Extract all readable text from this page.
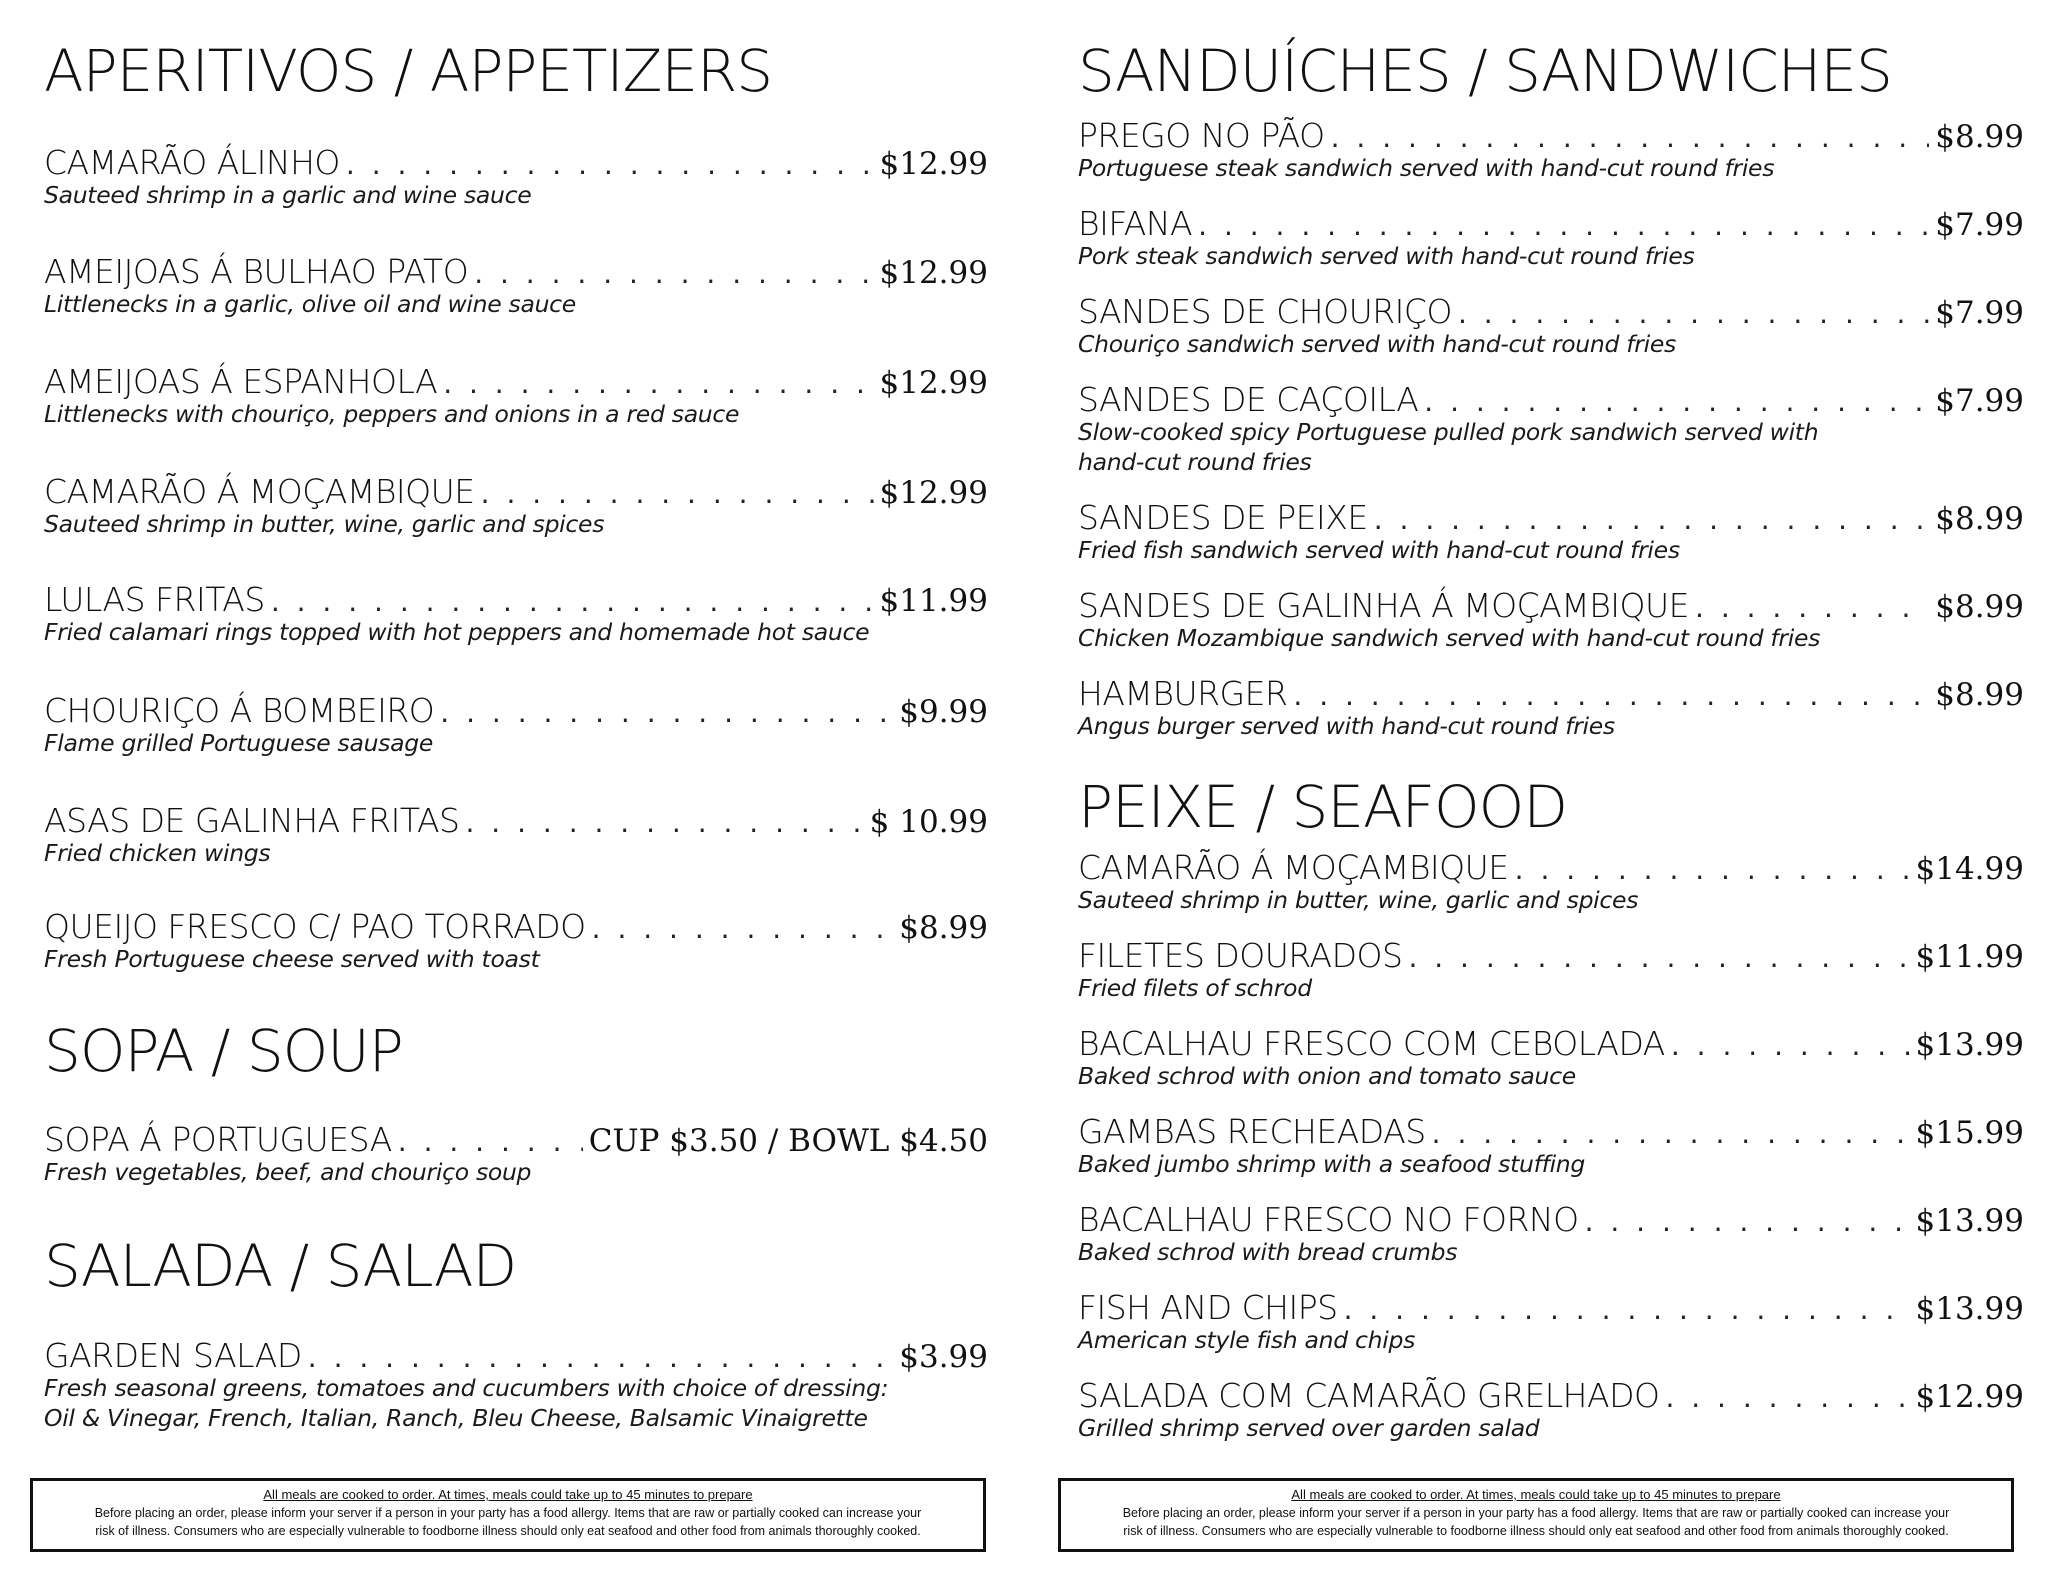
APERITIVOS / APPETIZERS
CAMARÃO ÁLINHO . . .	$12.99
Sauteed shrimp in a garlic and wine sauce
AMEIJOAS Á BULHAO PATO . . .	$12.99
Littlenecks in a garlic, olive oil and wine sauce
AMEIJOAS Á ESPANHOLA . . .	$12.99
Littlenecks with chouriço, peppers and onions in a red sauce
CAMARÃO Á MOÇAMBIQUE . . .	$12.99
Sauteed shrimp in butter, wine, garlic and spices
LULAS FRITAS . . .	$11.99
Fried calamari rings topped with hot peppers and homemade hot sauce
CHOURIÇO Á BOMBEIRO . . .	$9.99
Flame grilled Portuguese sausage
ASAS DE GALINHA FRITAS . . .	$ 10.99
Fried chicken wings
QUEIJO FRESCO C/ PAO TORRADO . . .	$8.99
Fresh Portuguese cheese served with toast
SOPA / SOUP
SOPA Á PORTUGUESA . . .	CUP $3.50 / BOWL $4.50
Fresh vegetables, beef, and chouriço soup
SALADA / SALAD
GARDEN SALAD . . .	$3.99
Fresh seasonal greens, tomatoes and cucumbers with choice of dressing:
Oil & Vinegar, French, Italian, Ranch, Bleu Cheese, Balsamic Vinaigrette
SANDUÍCHES / SANDWICHES
PREGO NO PÃO . . .	$8.99
Portuguese steak sandwich served with hand-cut round fries
BIFANA . . .	$7.99
Pork steak sandwich served with hand-cut round fries
SANDES DE CHOURIÇO . . .	$7.99
Chouriço sandwich served with hand-cut round fries
SANDES DE CAÇOILA . . .	$7.99
Slow-cooked spicy Portuguese pulled pork sandwich served with
hand-cut round fries
SANDES DE PEIXE . . .	$8.99
Fried fish sandwich served with hand-cut round fries
SANDES DE GALINHA Á MOÇAMBIQUE . . .	$8.99
Chicken Mozambique sandwich served with hand-cut round fries
HAMBURGER . . .	$8.99
Angus burger served with hand-cut round fries
PEIXE / SEAFOOD
CAMARÃO Á MOÇAMBIQUE . . .	$14.99
Sauteed shrimp in butter, wine, garlic and spices
FILETES DOURADOS . . .	$11.99
Fried filets of schrod
BACALHAU FRESCO COM CEBOLADA . . .	$13.99
Baked schrod with onion and tomato sauce
GAMBAS RECHEADAS . . .	$15.99
Baked jumbo shrimp with a seafood stuffing
BACALHAU FRESCO NO FORNO . . .	$13.99
Baked schrod with bread crumbs
FISH AND CHIPS . . .	$13.99
American style fish and chips
SALADA COM CAMARÃO GRELHADO . . .	$12.99
Grilled shrimp served over garden salad
All meals are cooked to order. At times, meals could take up to 45 minutes to prepare
Before placing an order, please inform your server if a person in your party has a food allergy. Items that are raw or partially cooked can increase your
risk of illness. Consumers who are especially vulnerable to foodborne illness should only eat seafood and other food from animals thoroughly cooked.
All meals are cooked to order. At times, meals could take up to 45 minutes to prepare
Before placing an order, please inform your server if a person in your party has a food allergy. Items that are raw or partially cooked can increase your
risk of illness. Consumers who are especially vulnerable to foodborne illness should only eat seafood and other food from animals thoroughly cooked.
